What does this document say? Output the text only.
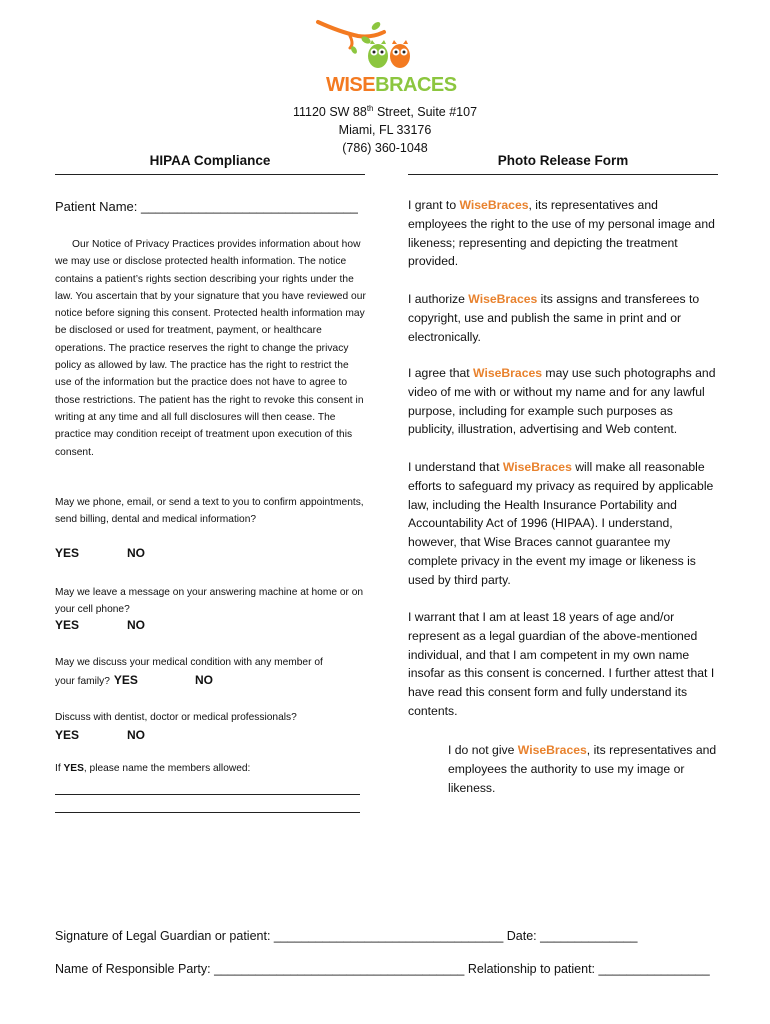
WISEBRACES
11120 SW 88th Street, Suite #107
Miami, FL 33176
(786) 360-1048
HIPAA Compliance	Photo Release Form
Patient Name: ______________________________
Our Notice of Privacy Practices provides information about how we may use or disclose protected health information. The notice contains a patient’s rights section describing your rights under the law. You ascertain that by your signature that you have reviewed our notice before signing this consent. Protected health information may be disclosed or used for treatment, payment, or healthcare operations. The practice reserves the right to change the privacy policy as allowed by law. The practice has the right to restrict the use of the information but the practice does not have to agree to those restrictions. The patient has the right to revoke this consent in writing at any time and all full disclosures will then cease. The practice may condition receipt of treatment upon execution of this consent.
May we phone, email, or send a text to you to confirm appointments, send billing, dental and medical information?
YES	NO
May we leave a message on your answering machine at home or on your cell phone?
YES	NO
May we discuss your medical condition with any member of
your family? YES	NO
Discuss with dentist, doctor or medical professionals?
YES	NO
If YES, please name the members allowed:
I grant to WiseBraces, its representatives and employees the right to the use of my personal image and likeness; representing and depicting the treatment provided.
I authorize WiseBraces its assigns and transferees to copyright, use and publish the same in print and or electronically.
I agree that WiseBraces may use such photographs and video of me with or without my name and for any lawful purpose, including for example such purposes as publicity, illustration, advertising and Web content.
I understand that WiseBraces will make all reasonable efforts to safeguard my privacy as required by applicable law, including the Health Insurance Portability and Accountability Act of 1996 (HIPAA). I understand, however, that Wise Braces cannot guarantee my complete privacy in the event my image or likeness is used by third party.
I warrant that I am at least 18 years of age and/or represent as a legal guardian of the above-mentioned individual, and that I am competent in my own name insofar as this consent is concerned. I further attest that I have read this consent form and fully understand its contents.
I do not give WiseBraces, its representatives and employees the authority to use my image or likeness.
Signature of Legal Guardian or patient: _________________________________ Date: ______________
Name of Responsible Party: ____________________________________ Relationship to patient: ________________
